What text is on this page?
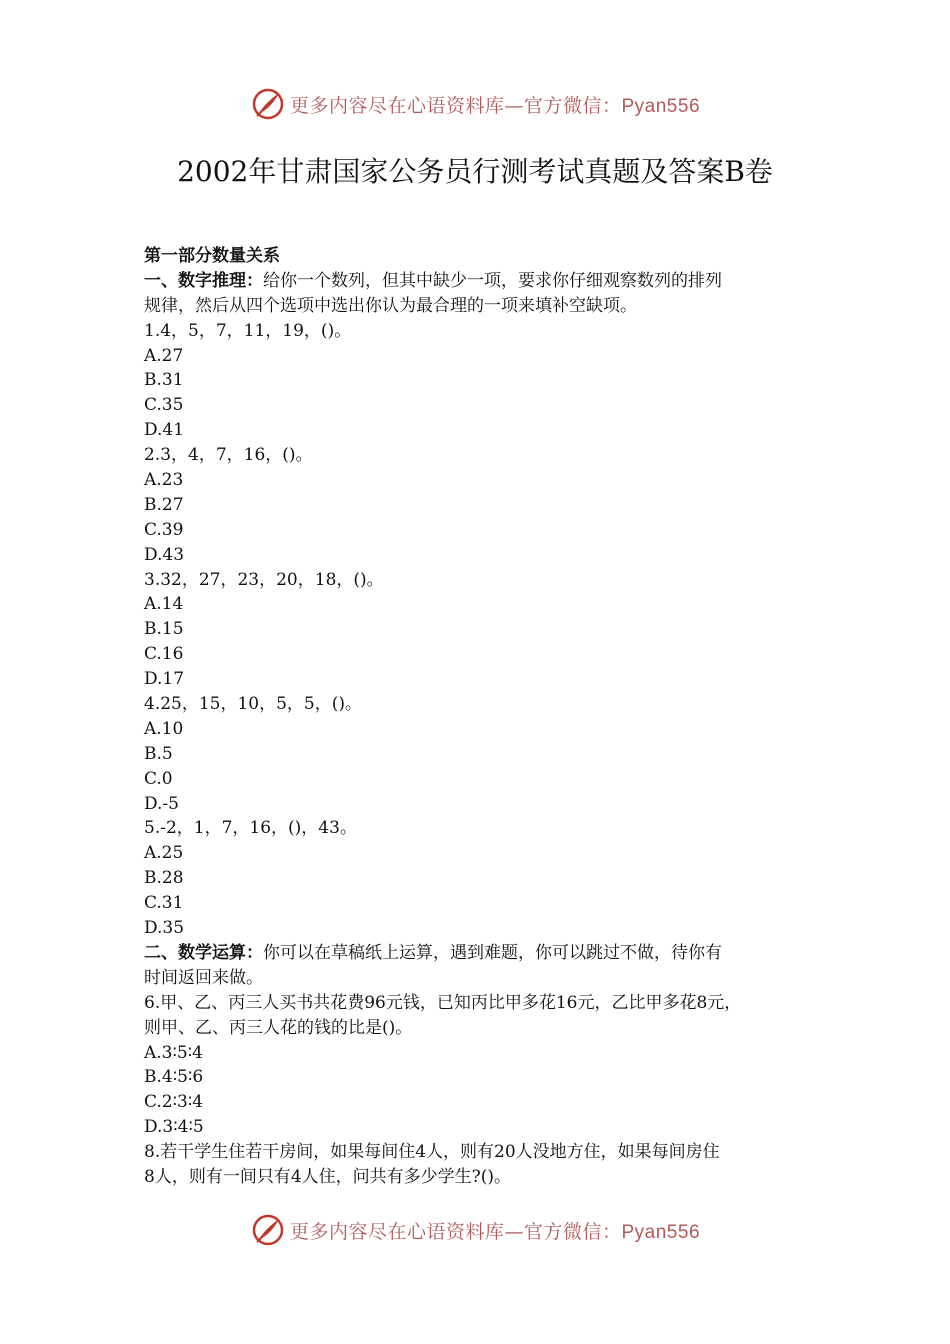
更多内容尽在心语资料库—官方微信：Pyan556
2002年甘肃国家公务员行测考试真题及答案B卷
第一部分数量关系
一、数字推理：给你一个数列，但其中缺少一项，要求你仔细观察数列的排列
规律，然后从四个选项中选出你认为最合理的一项来填补空缺项。
1.4，5，7，11，19，()。
A.27
B.31
C.35
D.41
2.3，4，7，16，()。
A.23
B.27
C.39
D.43
3.32，27，23，20，18，()。
A.14
B.15
C.16
D.17
4.25，15，10，5，5，()。
A.10
B.5
C.0
D.-5
5.-2，1，7，16，()，43。
A.25
B.28
C.31
D.35
二、数学运算：你可以在草稿纸上运算，遇到难题，你可以跳过不做，待你有
时间返回来做。
6.甲、乙、丙三人买书共花费96元钱，已知丙比甲多花16元，乙比甲多花8元，
则甲、乙、丙三人花的钱的比是()。
A.3∶5∶4
B.4∶5∶6
C.2∶3∶4
D.3∶4∶5
8.若干学生住若干房间，如果每间住4人，则有20人没地方住，如果每间房住
8人，则有一间只有4人住，问共有多少学生?()。
更多内容尽在心语资料库—官方微信：Pyan556
